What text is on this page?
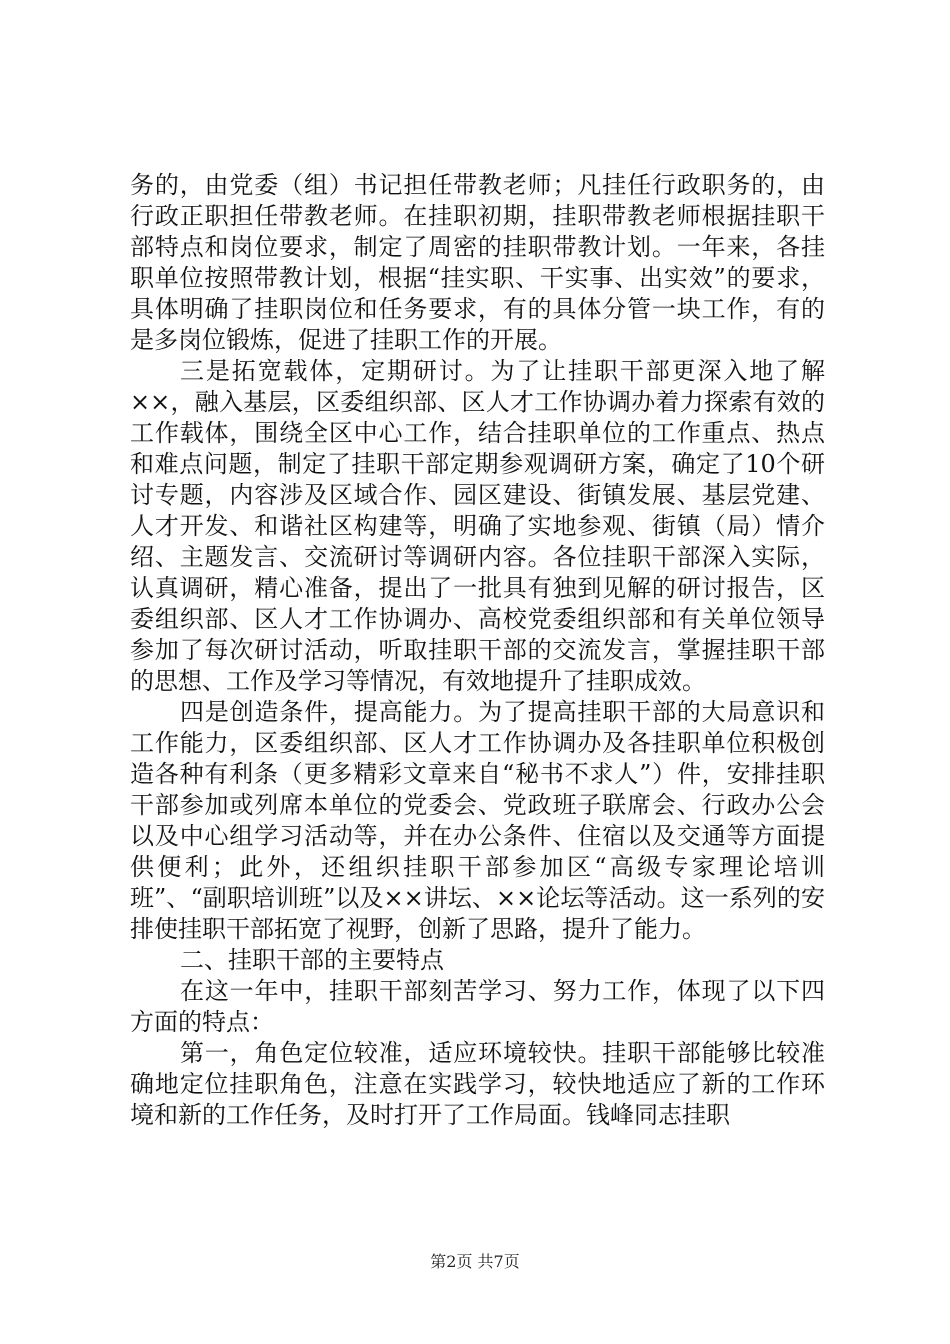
务的，由党委（组）书记担任带教老师；凡挂任行政职务的，由行政正职担任带教老师。在挂职初期，挂职带教老师根据挂职干部特点和岗位要求，制定了周密的挂职带教计划。一年来，各挂职单位按照带教计划，根据“挂实职、干实事、出实效”的要求，具体明确了挂职岗位和任务要求，有的具体分管一块工作，有的是多岗位锻炼，促进了挂职工作的开展。

三是拓宽载体，定期研讨。为了让挂职干部更深入地了解××，融入基层，区委组织部、区人才工作协调办着力探索有效的工作载体，围绕全区中心工作，结合挂职单位的工作重点、热点和难点问题，制定了挂职干部定期参观调研方案，确定了10个研讨专题，内容涉及区域合作、园区建设、街镇发展、基层党建、人才开发、和谐社区构建等，明确了实地参观、街镇（局）情介绍、主题发言、交流研讨等调研内容。各位挂职干部深入实际，认真调研，精心准备，提出了一批具有独到见解的研讨报告，区委组织部、区人才工作协调办、高校党委组织部和有关单位领导参加了每次研讨活动，听取挂职干部的交流发言，掌握挂职干部的思想、工作及学习等情况，有效地提升了挂职成效。

四是创造条件，提高能力。为了提高挂职干部的大局意识和工作能力，区委组织部、区人才工作协调办及各挂职单位积极创造各种有利条（更多精彩文章来自“秘书不求人”）件，安排挂职干部参加或列席本单位的党委会、党政班子联席会、行政办公会以及中心组学习活动等，并在办公条件、住宿以及交通等方面提供便利；此外，还组织挂职干部参加区“高级专家理论培训班”、“副职培训班”以及××讲坛、××论坛等活动。这一系列的安排使挂职干部拓宽了视野，创新了思路，提升了能力。

二、挂职干部的主要特点

在这一年中，挂职干部刻苦学习、努力工作，体现了以下四方面的特点：

第一，角色定位较准，适应环境较快。挂职干部能够比较准确地定位挂职角色，注意在实践学习，较快地适应了新的工作环境和新的工作任务，及时打开了工作局面。钱峰同志挂职

第2页 共7页
